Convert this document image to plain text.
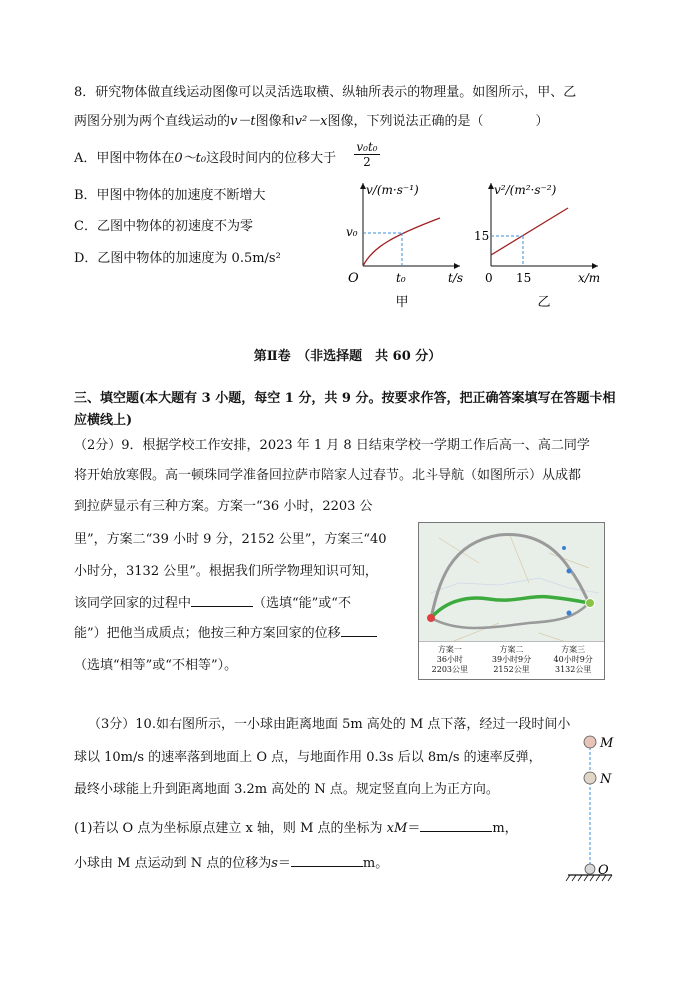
8．研究物体做直线运动图像可以灵活选取横、纵轴所表示的物理量。如图所示，甲、乙
两图分别为两个直线运动的v－t图像和v²－x图像，下列说法正确的是（	）
A．甲图中物体在0～t₀这段时间内的位移大于 $\frac{\text{v₀t₀}}{2}$
B．甲图中物体的加速度不断增大
C．乙图中物体的初速度不为零
D．乙图中物体的加速度为 0.5m/s²
v/(m·s⁻¹)
v₀
t₀	t/s
O
甲
v²/(m²·s⁻²)
15
15	x/m
0
乙
第Ⅱ卷　（非选择题　共 60 分）
三、填空题(本大题有 3 小题，每空 1 分，共 9 分。按要求作答，把正确答案填写在答题卡相
应横线上)
（2分）9．根据学校工作安排，2023 年 1 月 8 日结束学校一学期工作后高一、高二同学
将开始放寒假。高一顿珠同学准备回拉萨市陪家人过春节。北斗导航（如图所示）从成都
到拉萨显示有三种方案。方案一“36 小时，2203 公
里”，方案二“39 小时 9 分，2152 公里”，方案三“40
小时分，3132 公里”。根据我们所学物理知识可知，
该同学回家的过程中	（选填“能”或“不
能”）把他当成质点；他按三种方案回家的位移
（选填“相等”或“不相等”）。
方案一
36小时
2203公里
方案二
39小时9分
2152公里
方案三
40小时9分
3132公里
（3分）10.如右图所示，一小球由距离地面 5m 高处的 M 点下落，经过一段时间小
球以 10m/s 的速率落到地面上 O 点，与地面作用 0.3s 后以 8m/s 的速率反弹，
最终小球能上升到距离地面 3.2m 高处的 N 点。规定竖直向上为正方向。
(1)若以 O 点为坐标原点建立 x 轴，则 M 点的坐标为 xM＝	m，
小球由 M 点运动到 N 点的位移为s＝	m。
M
N
O
